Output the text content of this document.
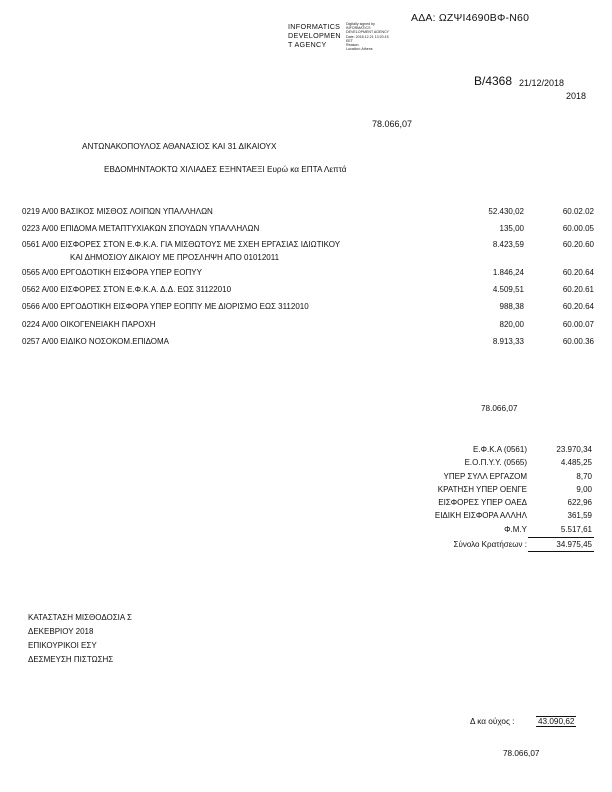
ΑΔΑ: ΩΖΨΙ4690ΒΦ-Ν60
INFORMATICS
DEVELOPMEN
T AGENCY
Digitally signed by
INFORMATICS
DEVELOPMENT AGENCY
Date: 2018.12.21 13:20:15
EET
Reason:
Location: Athens
Β/4368 21/12/2018
2018
78.066,07
ΑΝΤΩΝΑΚΟΠΟΥΛΟΣ ΑΘΑΝΑΣΙΟΣ ΚΑΙ 31 ΔΙΚΑΙΟΥΧ
ΕΒΔΟΜΗΝΤΑΟΚΤΩ ΧΙΛΙΑΔΕΣ ΕΞΗΝΤΑΕΞΙ Ευρώ κα ΕΠΤΑ Λεπτά
0219 Α/00 ΒΑΣΙΚΟΣ ΜΙΣΘΟΣ ΛΟΙΠΩΝ ΥΠΑΛΛΗΛΩΝ	52.430,02	60.02.02
0223 Α/00 ΕΠΙΔΟΜΑ ΜΕΤΑΠΤΥΧΙΑΚΩΝ ΣΠΟΥΔΩΝ ΥΠΑΛΛΗΛΩΝ	135,00	60.00.05
0561 Α/00 ΕΙΣΦΟΡΕΣ ΣΤΟΝ Ε.Φ.Κ.Α. ΓΙΑ ΜΙΣΘΩΤΟΥΣ ΜΕ ΣΧΕΗ ΕΡΓΑΣΙΑΣ ΙΔΙΩΤΙΚΟΥ
ΚΑΙ ΔΗΜΟΣΙΟΥ ΔΙΚΑΙΟΥ ΜΕ ΠΡΟΣΛΗΨΗ ΑΠΟ 01012011
8.423,59	60.20.60
0565 Α/00 ΕΡΓΟΔΟΤΙΚΗ ΕΙΣΦΟΡΑ ΥΠΕΡ ΕΟΠΥΥ	1.846,24	60.20.64
0562 Α/00 ΕΙΣΦΟΡΕΣ ΣΤΟΝ Ε.Φ.Κ.Α. Δ.Δ. ΕΩΣ 31122010	4.509,51	60.20.61
0566 Α/00 ΕΡΓΟΔΟΤΙΚΗ ΕΙΣΦΟΡΑ ΥΠΕΡ ΕΟΠΠΥ ΜΕ ΔΙΟΡΙΣΜΟ ΕΩΣ 3112010	988,38	60.20.64
0224 Α/00 ΟΙΚΟΓΕΝΕΙΑΚΗ ΠΑΡΟΧΗ	820,00	60.00.07
0257 Α/00 ΕΙΔΙΚΟ ΝΟΣΟΚΟΜ.ΕΠΙΔΟΜΑ	8.913,33	60.00.36
78.066,07
Ε.Φ.Κ.Α (0561)	23.970,34
Ε.Ο.Π.Υ.Υ. (0565)	4.485,25
ΥΠΕΡ ΣΥΛΛ ΕΡΓΑΖΟΜ	8,70
ΚΡΑΤΗΣΗ ΥΠΕΡ ΟΕΝΓΕ	9,00
ΕΙΣΦΟΡΕΣ ΥΠΕΡ ΟΑΕΔ	622,96
ΕΙΔΙΚΗ ΕΙΣΦΟΡΑ ΑΛΛΗΛ	361,59
Φ.Μ.Υ	5.517,61
Σύνολο Κρατήσεων :	34.975,45
ΚΑΤΑΣΤΑΣΗ ΜΙΣΘΟΔΟΣΙΑ Σ
ΔΕΚΕΒΡΙΟΥ 2018
ΕΠΙΚΟΥΡΙΚΟΙ ΕΣΥ
ΔΕΣΜΕΥΣΗ ΠΙΣΤΩΣΗΣ
Δ κα ούχος :	43.090,62
78.066,07
